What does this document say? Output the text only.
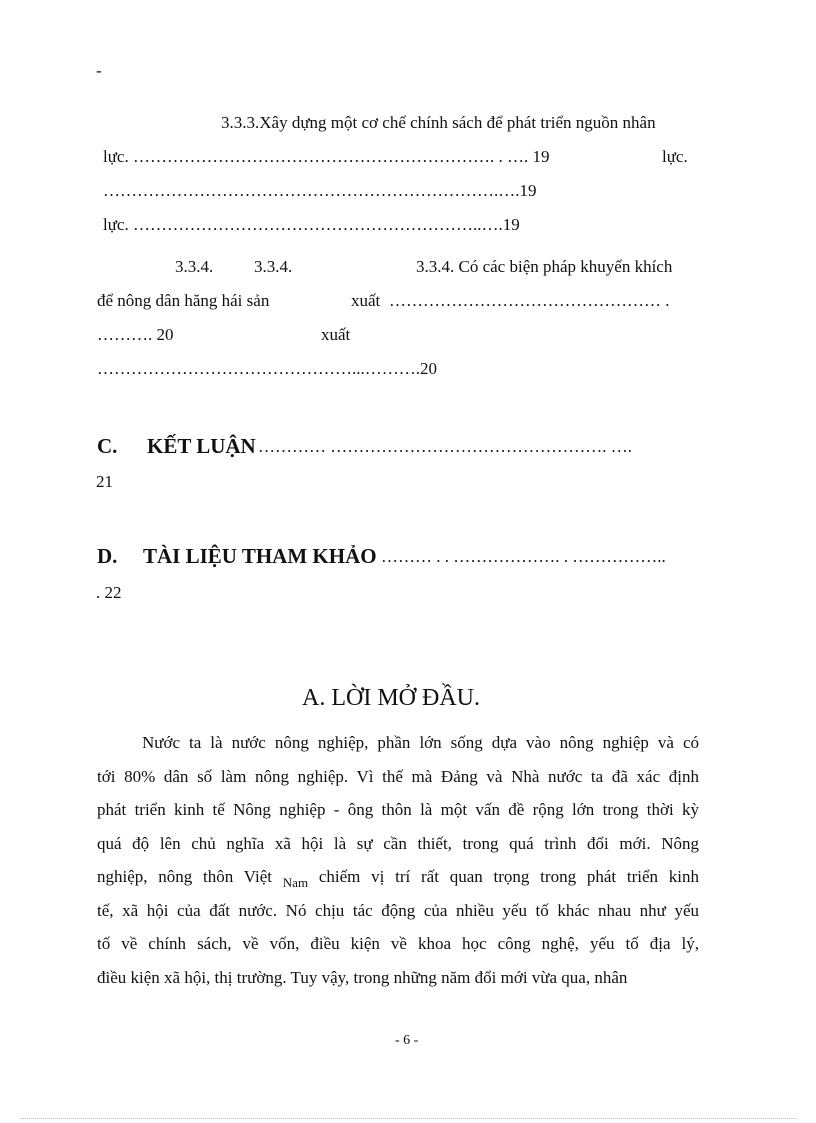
-
3.3.3.Xây dựng một cơ chế chính sách để phát triển nguồn nhân
lực. ………………………………………………………. . …. 19	lực.
…………………………………………………………….….19
lực. ……………………………………………………..….19
3.3.4. 3.3.4.	3.3.4. Có các biện pháp khuyến khích
để nông dân hăng hái sản	xuất ………………………………………… .
………. 20	xuất
………………………………………...……….20
C. KẾT LUẬN ………… …………………………………………. ….
21
D. TÀI LIỆU THAM KHẢO ……… . . ………………. . ……………..
. 22
A. LỜI MỞ ĐẦU.
Nước ta là nước nông nghiệp, phần lớn sống dựa vào nông nghiệp và có
tới 80% dân số làm nông nghiệp. Vì thế mà Đảng và Nhà nước ta đã xác định
phát triển kinh tế Nông nghiệp - ông thôn là một vấn đề rộng lớn trong thời kỳ
quá độ lên chủ nghĩa xã hội là sự cần thiết, trong quá trình đổi mới. Nông
nghiệp, nông thôn Việt $_{Nam}$ chiếm vị trí rất quan trọng trong phát triển kinh
tế, xã hội của đất nước. Nó chịu tác động của nhiều yếu tố khác nhau như yếu
tố về chính sách, về vốn, điều kiện về khoa học công nghệ, yếu tố địa lý,
điều kiện xã hội, thị trường. Tuy vậy, trong những năm đổi mới vừa qua, nhân
- 6 -
